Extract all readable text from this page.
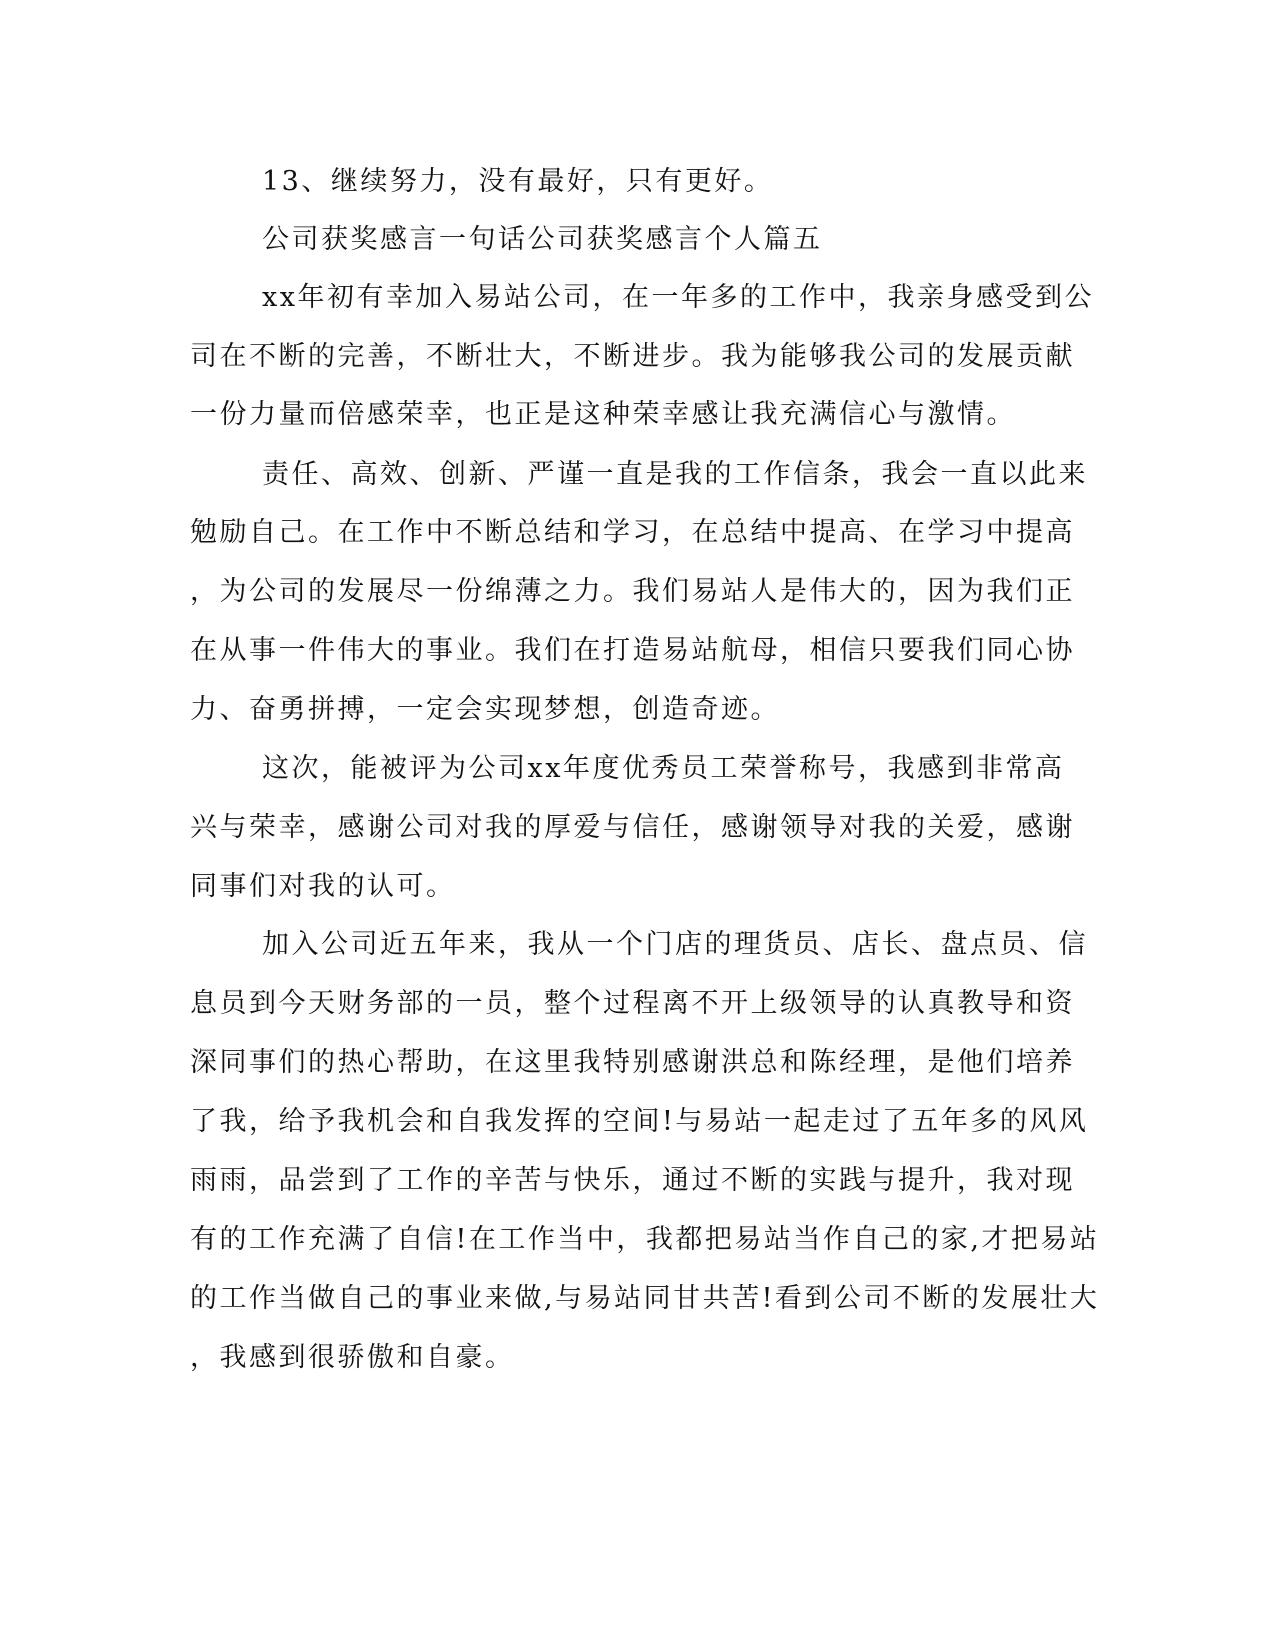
13、继续努力，没有最好，只有更好。
公司获奖感言一句话公司获奖感言个人篇五
xx年初有幸加入易站公司，在一年多的工作中，我亲身感受到公
司在不断的完善，不断壮大，不断进步。我为能够我公司的发展贡献
一份力量而倍感荣幸，也正是这种荣幸感让我充满信心与激情。
责任、高效、创新、严谨一直是我的工作信条，我会一直以此来
勉励自己。在工作中不断总结和学习，在总结中提高、在学习中提高
，为公司的发展尽一份绵薄之力。我们易站人是伟大的，因为我们正
在从事一件伟大的事业。我们在打造易站航母，相信只要我们同心协
力、奋勇拼搏，一定会实现梦想，创造奇迹。
这次，能被评为公司xx年度优秀员工荣誉称号，我感到非常高
兴与荣幸，感谢公司对我的厚爱与信任，感谢领导对我的关爱，感谢
同事们对我的认可。
加入公司近五年来，我从一个门店的理货员、店长、盘点员、信
息员到今天财务部的一员，整个过程离不开上级领导的认真教导和资
深同事们的热心帮助，在这里我特别感谢洪总和陈经理，是他们培养
了我，给予我机会和自我发挥的空间!与易站一起走过了五年多的风风
雨雨，品尝到了工作的辛苦与快乐，通过不断的实践与提升，我对现
有的工作充满了自信!在工作当中，我都把易站当作自己的家,才把易站
的工作当做自己的事业来做,与易站同甘共苦!看到公司不断的发展壮大
，我感到很骄傲和自豪。
